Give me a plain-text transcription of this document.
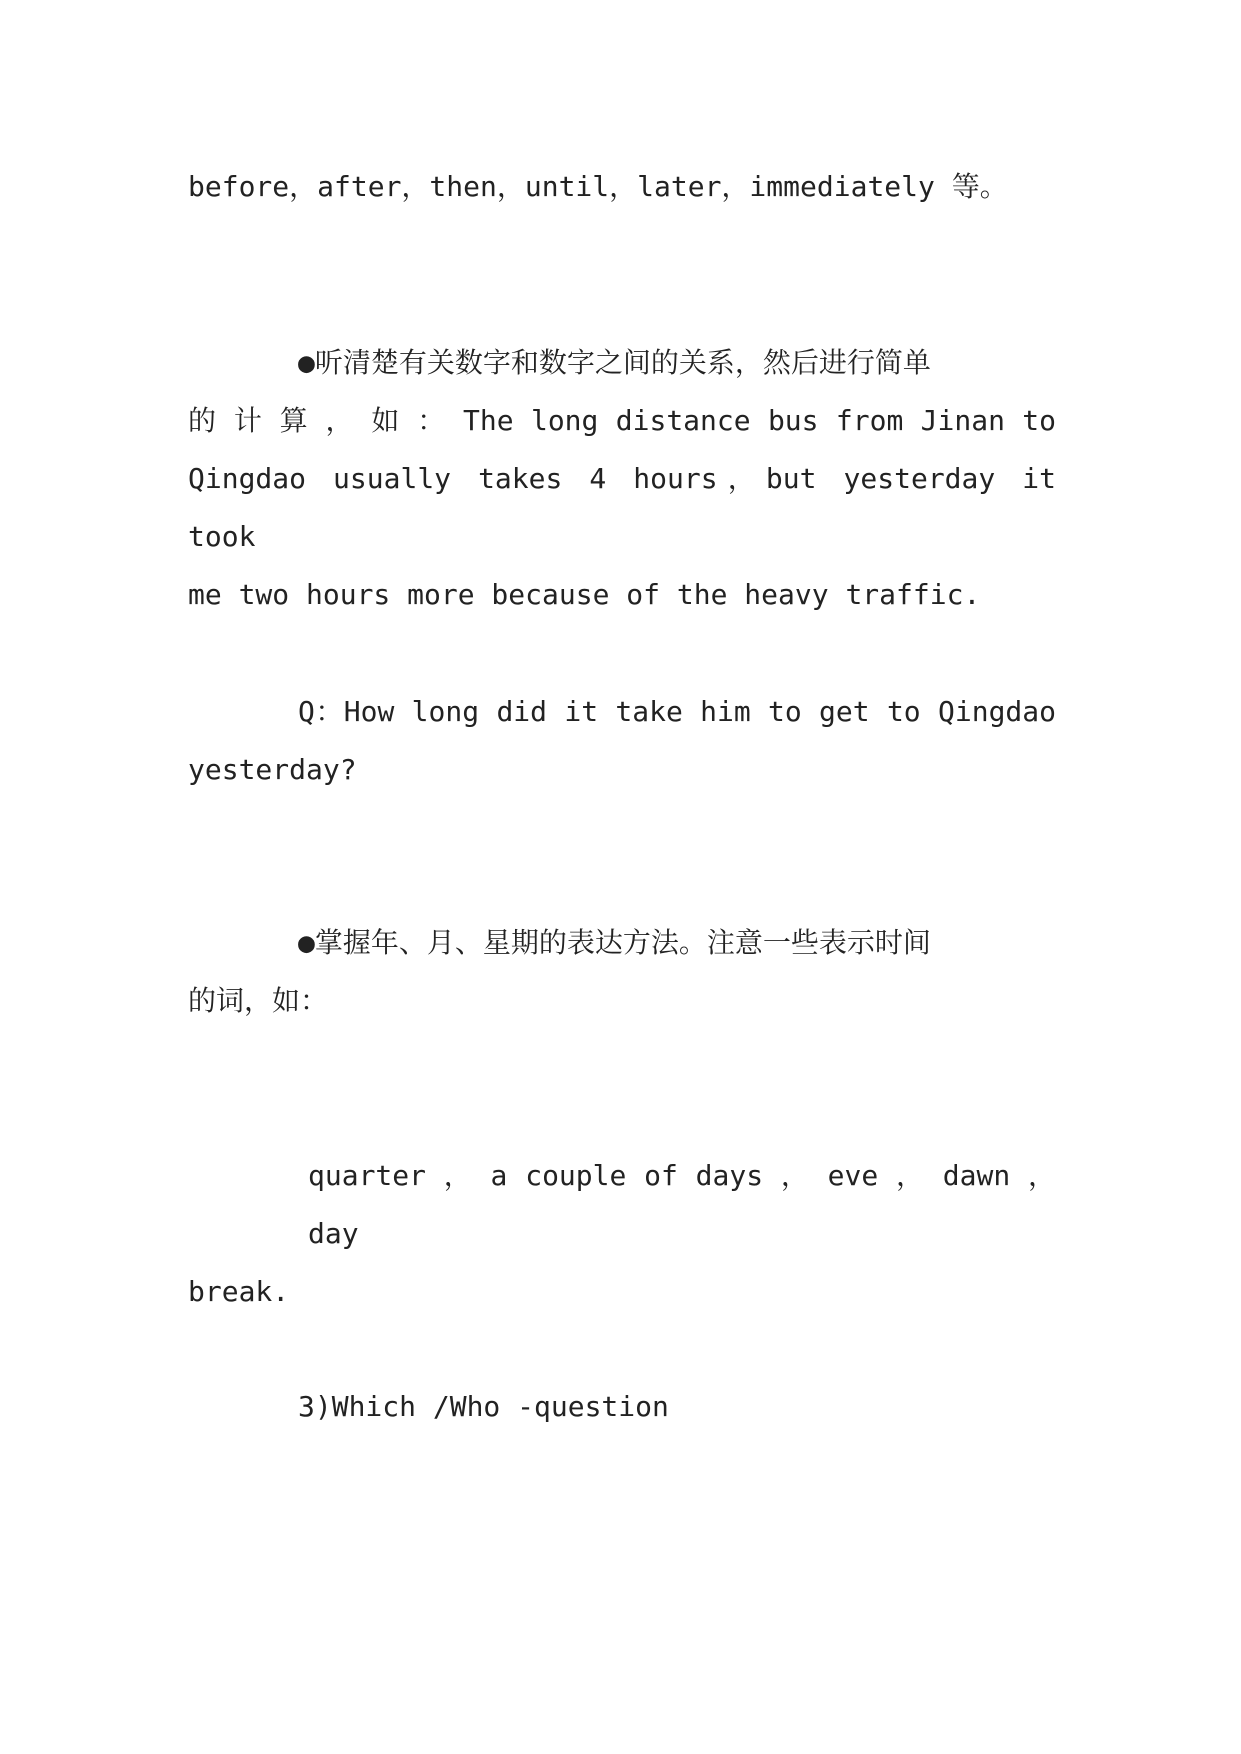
before，after，then，until，later，immediately 等。
●听清楚有关数字和数字之间的关系，然后进行简单
的 计 算 ， 如 ： The long distance bus from Jinan to
Qingdao usually takes 4 hours，but yesterday it took
me two hours more because of the heavy traffic.
Q：How long did it take him to get to Qingdao
yesterday?
●掌握年、月、星期的表达方法。注意一些表示时间
的词，如：
quarter ， a couple of days ， eve ， dawn ， day
break.
3)Which /Who -question
